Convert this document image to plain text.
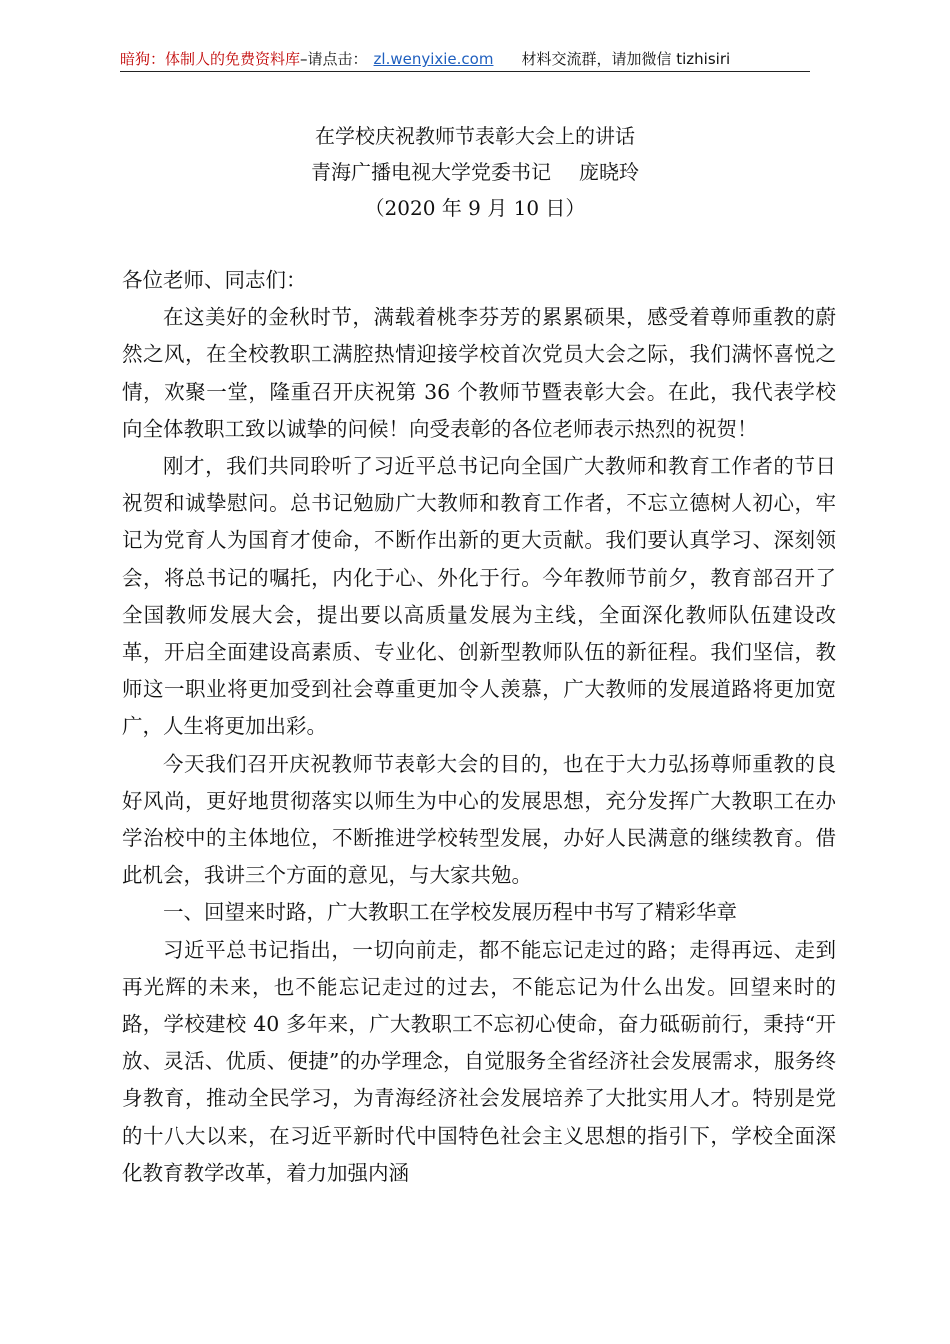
暗狗：体制人的免费资料库–请点击： zl.wenyixie.com 材料交流群，请加微信 tizhisiri
在学校庆祝教师节表彰大会上的讲话
青海广播电视大学党委书记 庞晓玲
（2020 年 9 月 10 日）

各位老师、同志们：

在这美好的金秋时节，满载着桃李芬芳的累累硕果，感受着尊师重教的蔚然之风，在全校教职工满腔热情迎接学校首次党员大会之际，我们满怀喜悦之情，欢聚一堂，隆重召开庆祝第 36 个教师节暨表彰大会。在此，我代表学校向全体教职工致以诚挚的问候！向受表彰的各位老师表示热烈的祝贺！

刚才，我们共同聆听了习近平总书记向全国广大教师和教育工作者的节日祝贺和诚挚慰问。总书记勉励广大教师和教育工作者，不忘立德树人初心，牢记为党育人为国育才使命，不断作出新的更大贡献。我们要认真学习、深刻领会，将总书记的嘱托，内化于心、外化于行。今年教师节前夕，教育部召开了全国教师发展大会，提出要以高质量发展为主线，全面深化教师队伍建设改革，开启全面建设高素质、专业化、创新型教师队伍的新征程。我们坚信，教师这一职业将更加受到社会尊重更加令人羡慕，广大教师的发展道路将更加宽广，人生将更加出彩。

今天我们召开庆祝教师节表彰大会的目的，也在于大力弘扬尊师重教的良好风尚，更好地贯彻落实以师生为中心的发展思想，充分发挥广大教职工在办学治校中的主体地位，不断推进学校转型发展，办好人民满意的继续教育。借此机会，我讲三个方面的意见，与大家共勉。

一、回望来时路，广大教职工在学校发展历程中书写了精彩华章

习近平总书记指出，一切向前走，都不能忘记走过的路；走得再远、走到再光辉的未来，也不能忘记走过的过去，不能忘记为什么出发。回望来时的路，学校建校 40 多年来，广大教职工不忘初心使命，奋力砥砺前行，秉持“开放、灵活、优质、便捷”的办学理念，自觉服务全省经济社会发展需求，服务终身教育，推动全民学习，为青海经济社会发展培养了大批实用人才。特别是党的十八大以来，在习近平新时代中国特色社会主义思想的指引下，学校全面深化教育教学改革，着力加强内涵
